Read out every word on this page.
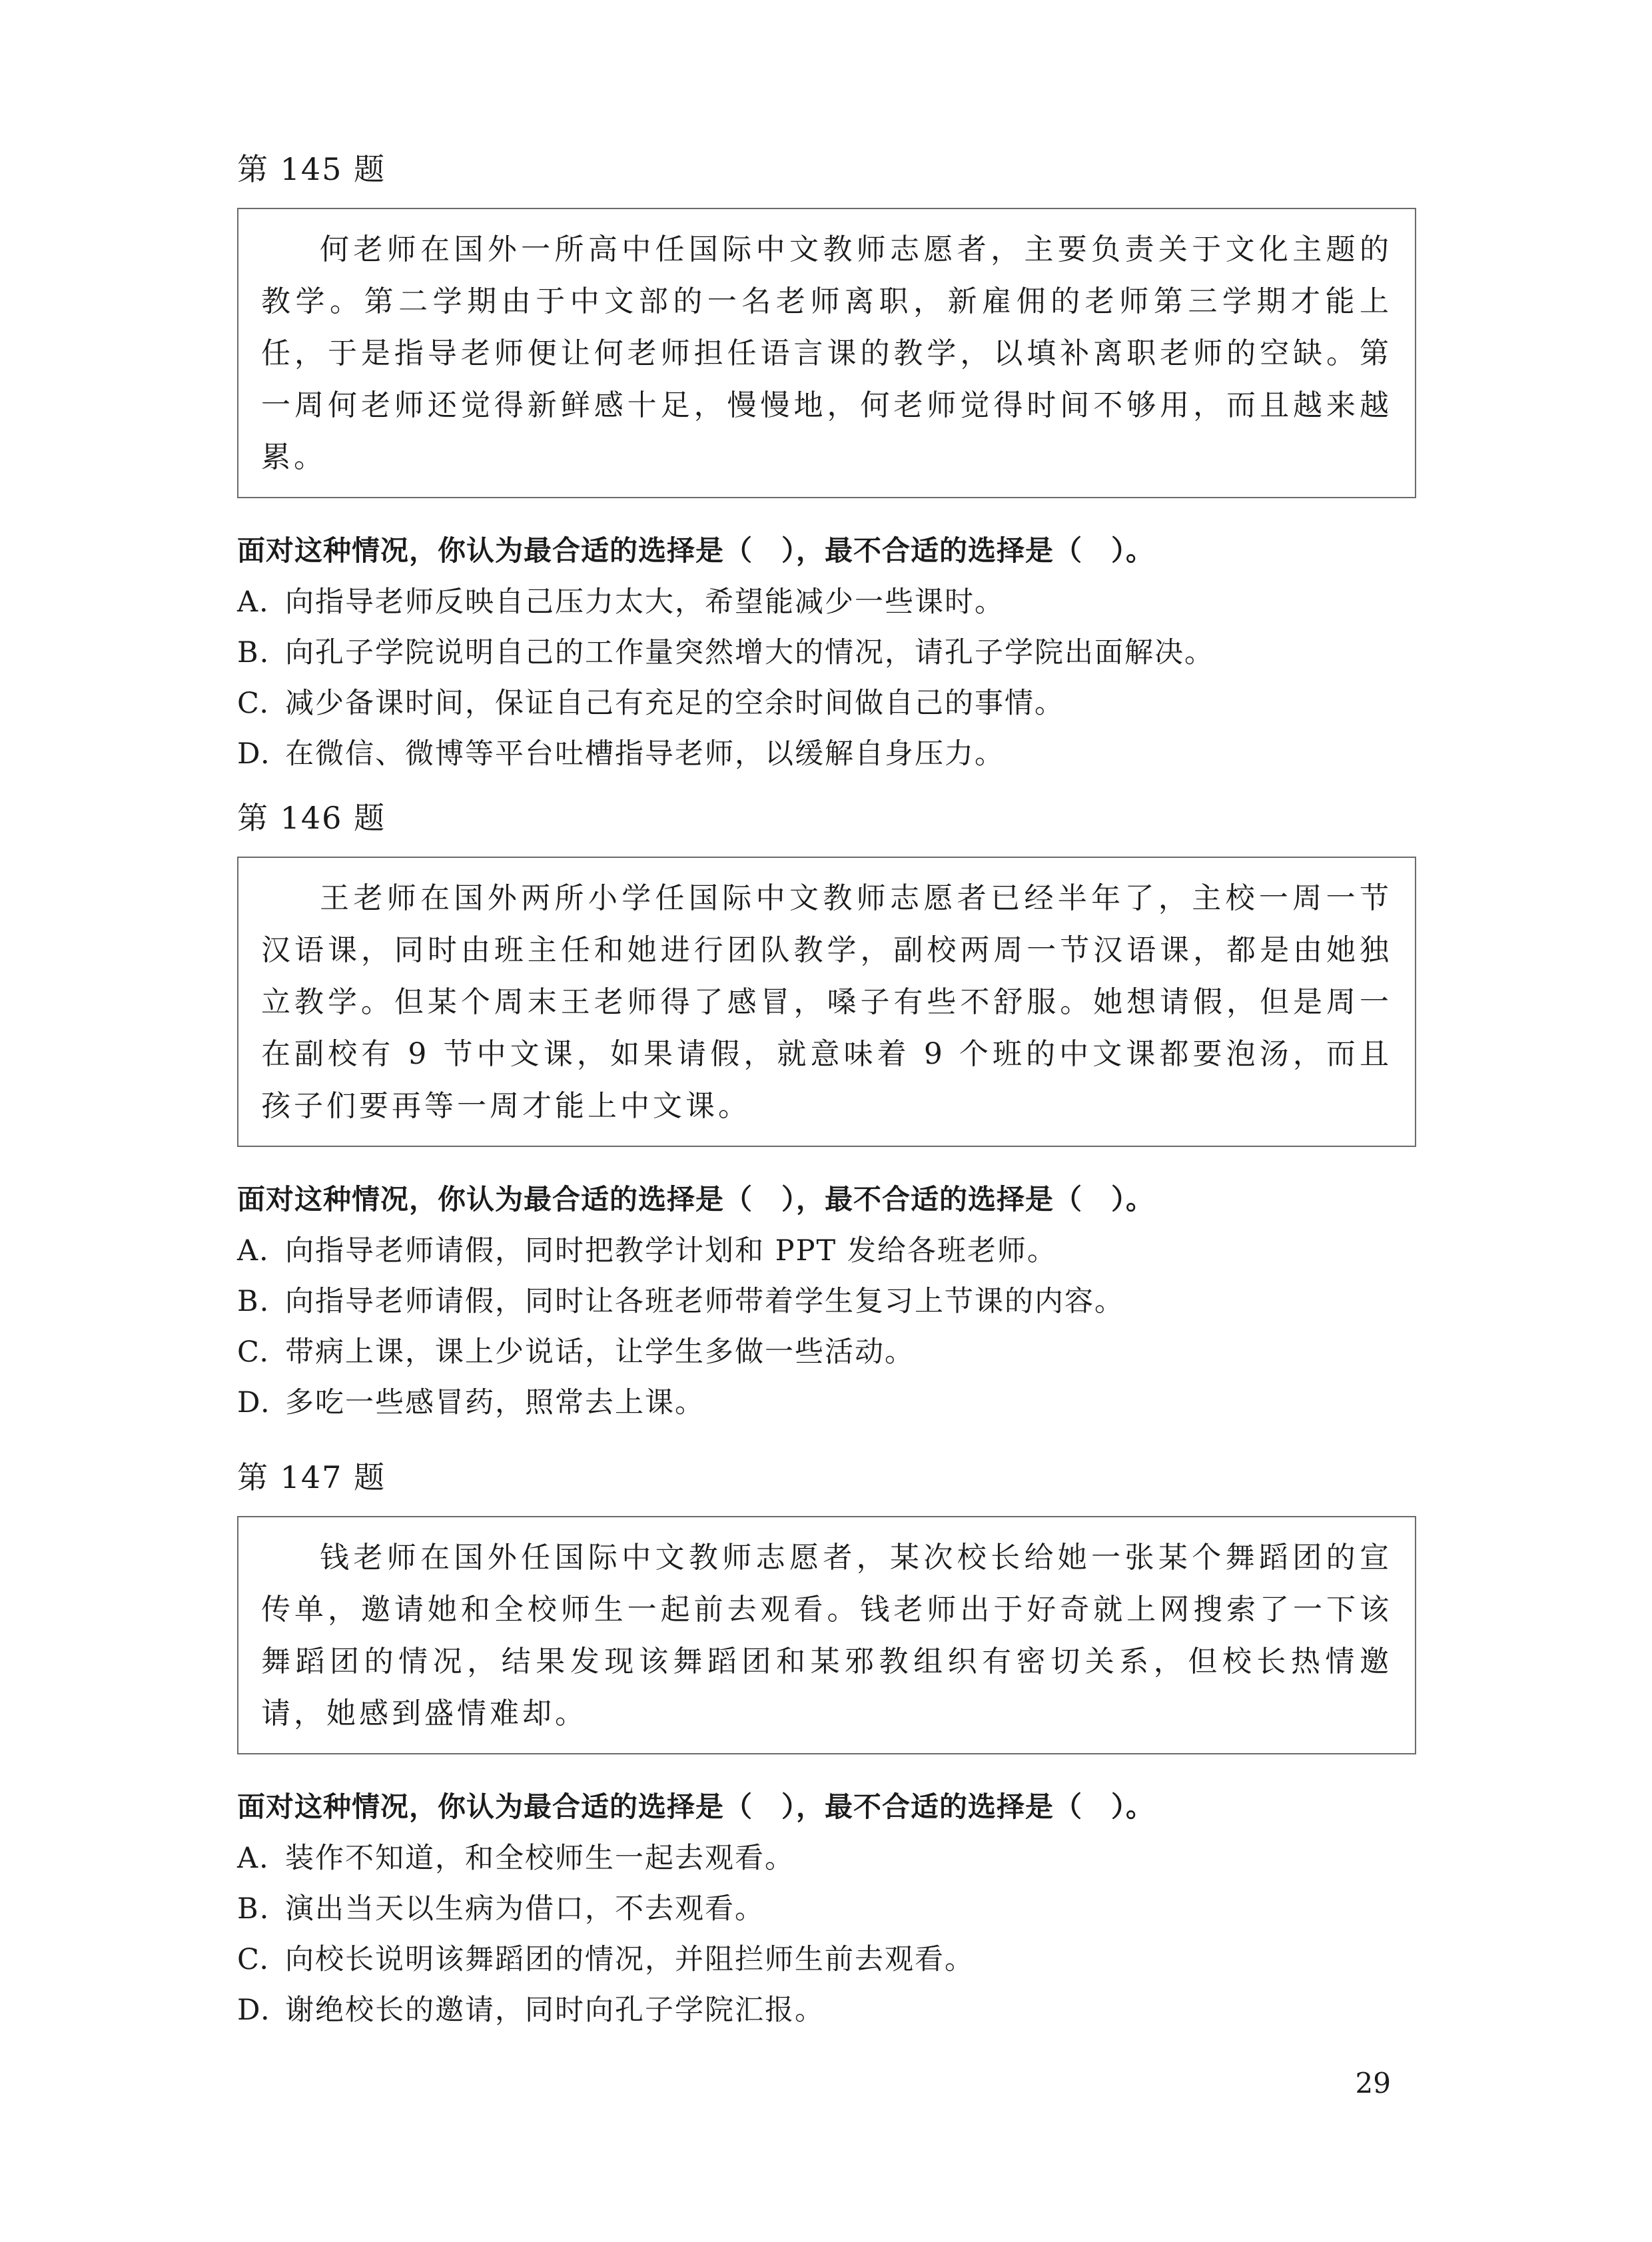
第 145 题
何老师在国外一所高中任国际中文教师志愿者，主要负责关于文化主题的教学。第二学期由于中文部的一名老师离职，新雇佣的老师第三学期才能上任，于是指导老师便让何老师担任语言课的教学，以填补离职老师的空缺。第一周何老师还觉得新鲜感十足，慢慢地，何老师觉得时间不够用，而且越来越累。
面对这种情况，你认为最合适的选择是（　），最不合适的选择是（　）。
A. 向指导老师反映自己压力太大，希望能减少一些课时。
B. 向孔子学院说明自己的工作量突然增大的情况，请孔子学院出面解决。
C. 减少备课时间，保证自己有充足的空余时间做自己的事情。
D. 在微信、微博等平台吐槽指导老师，以缓解自身压力。
第 146 题
王老师在国外两所小学任国际中文教师志愿者已经半年了，主校一周一节汉语课，同时由班主任和她进行团队教学，副校两周一节汉语课，都是由她独立教学。但某个周末王老师得了感冒，嗓子有些不舒服。她想请假，但是周一在副校有 9 节中文课，如果请假，就意味着 9 个班的中文课都要泡汤，而且孩子们要再等一周才能上中文课。
面对这种情况，你认为最合适的选择是（　），最不合适的选择是（　）。
A. 向指导老师请假，同时把教学计划和 PPT 发给各班老师。
B. 向指导老师请假，同时让各班老师带着学生复习上节课的内容。
C. 带病上课，课上少说话，让学生多做一些活动。
D. 多吃一些感冒药，照常去上课。
第 147 题
钱老师在国外任国际中文教师志愿者，某次校长给她一张某个舞蹈团的宣传单，邀请她和全校师生一起前去观看。钱老师出于好奇就上网搜索了一下该舞蹈团的情况，结果发现该舞蹈团和某邪教组织有密切关系，但校长热情邀请，她感到盛情难却。
面对这种情况，你认为最合适的选择是（　），最不合适的选择是（　）。
A. 装作不知道，和全校师生一起去观看。
B. 演出当天以生病为借口，不去观看。
C. 向校长说明该舞蹈团的情况，并阻拦师生前去观看。
D. 谢绝校长的邀请，同时向孔子学院汇报。
29
